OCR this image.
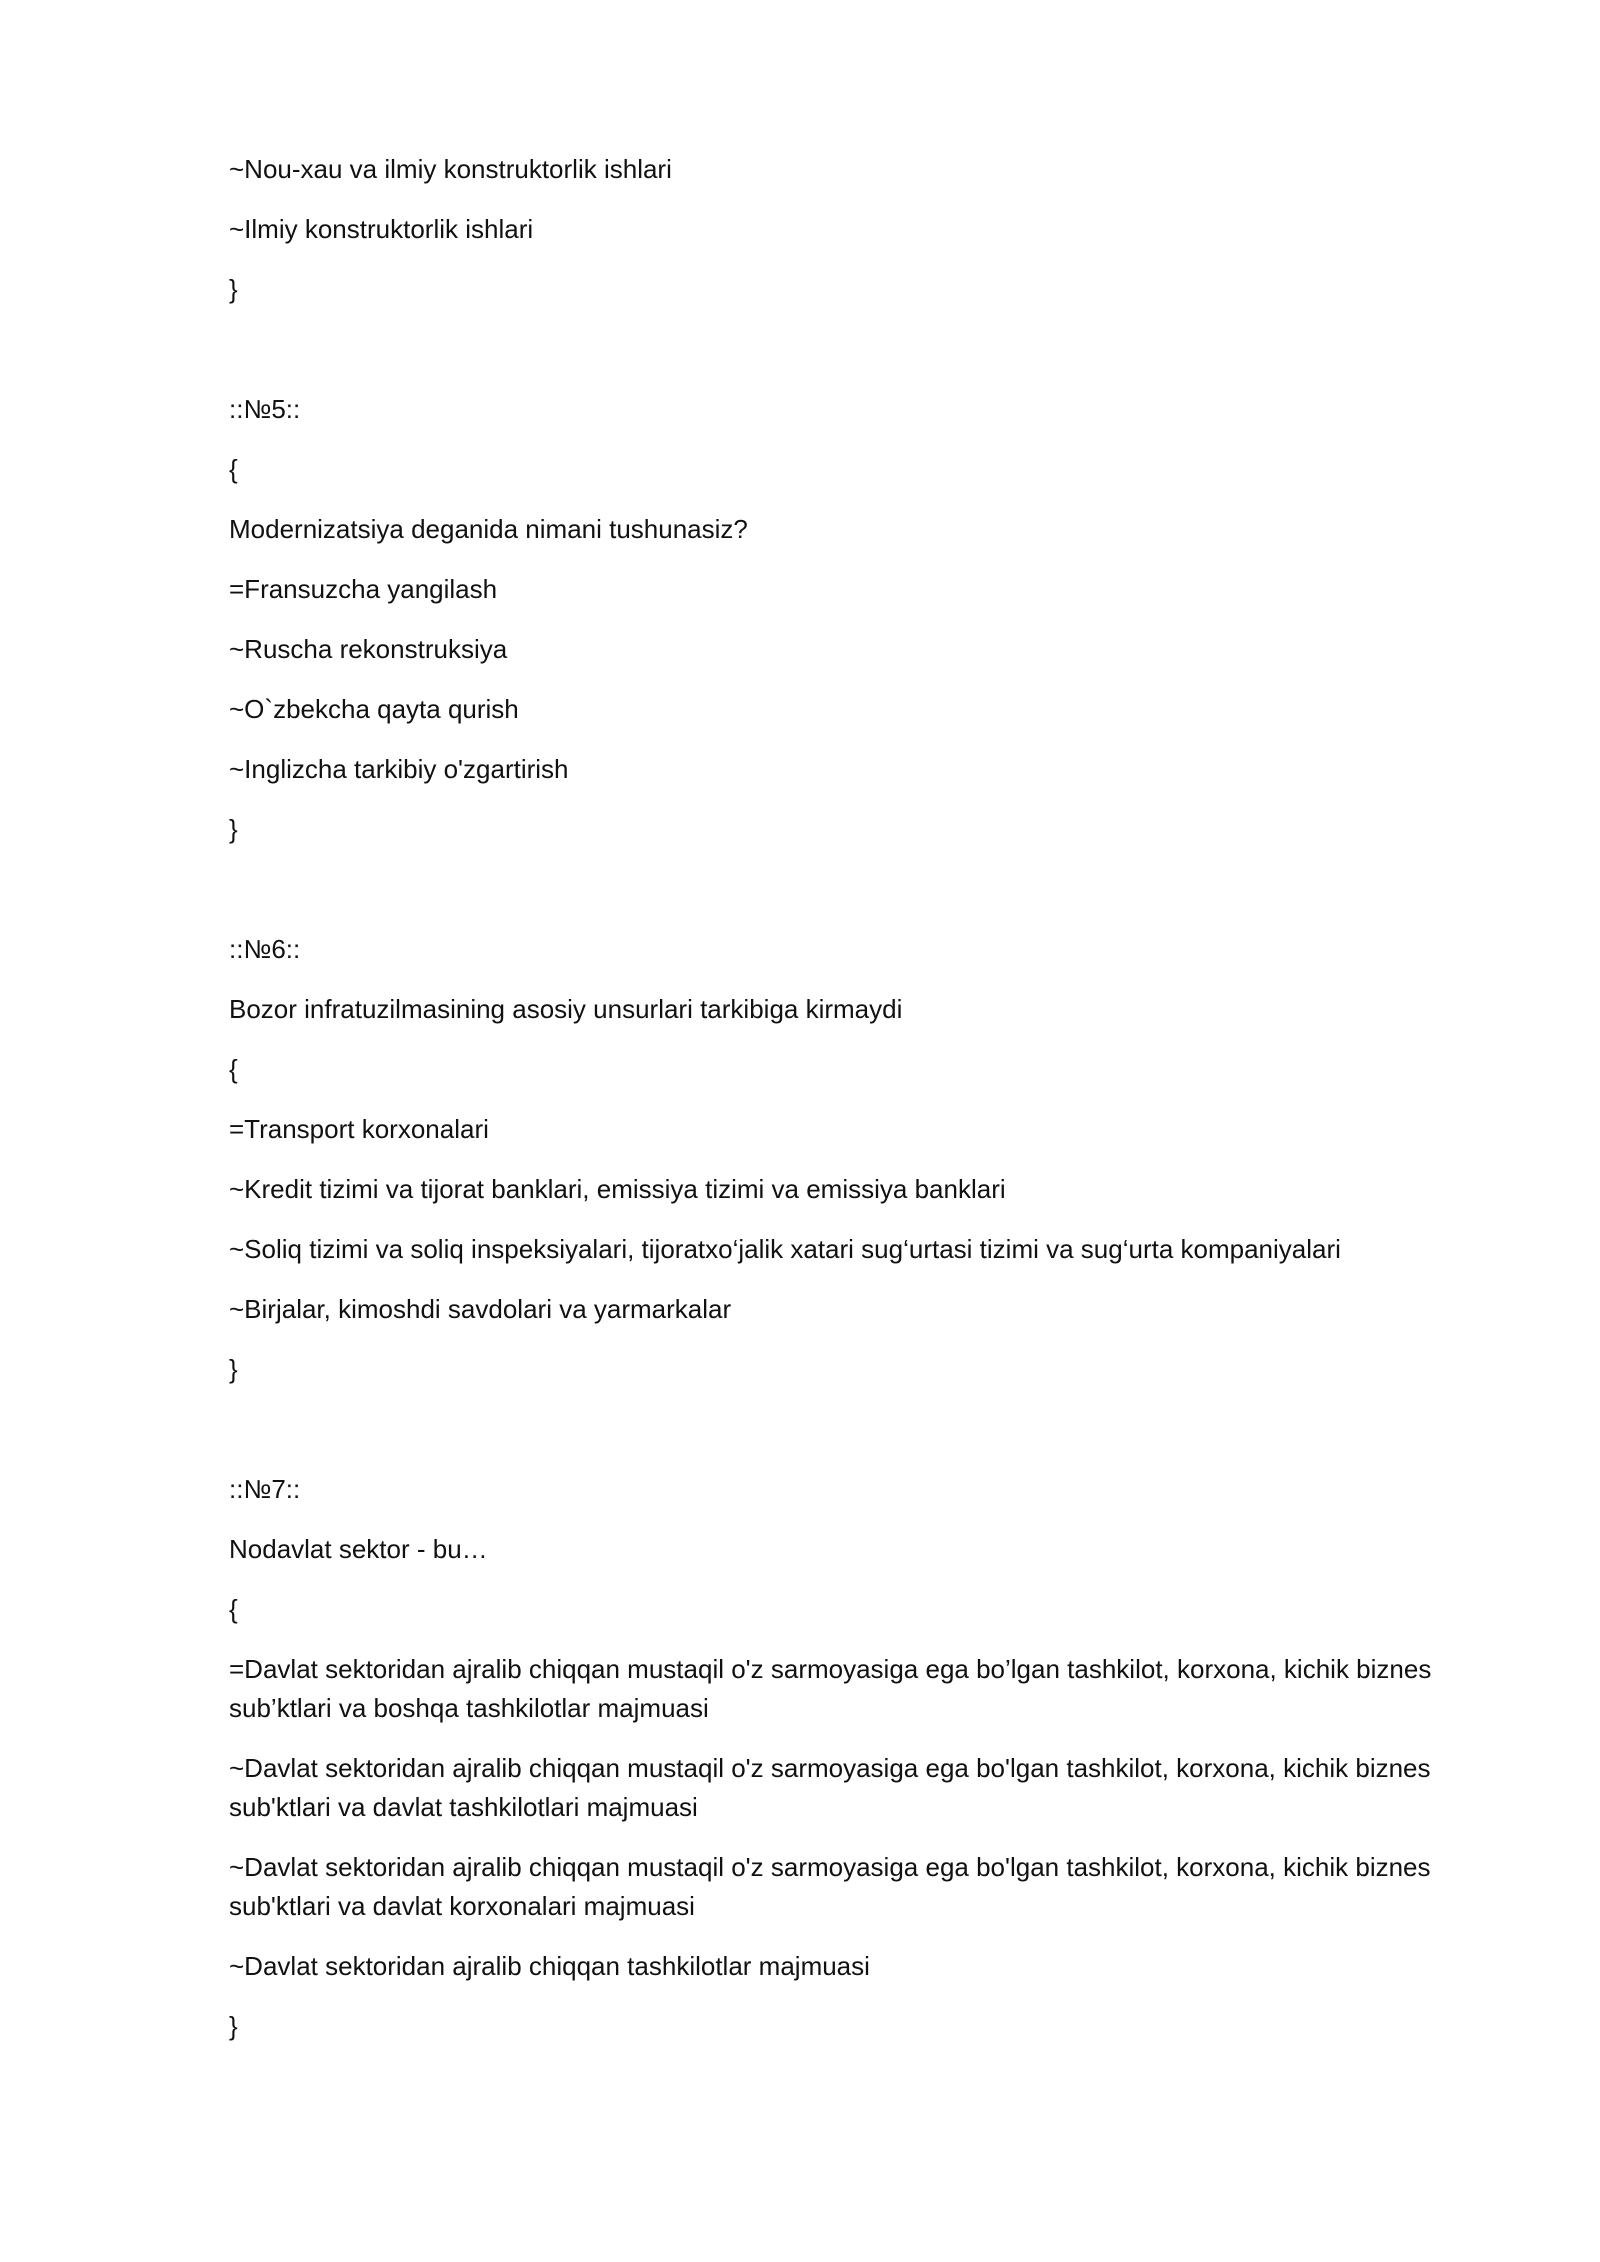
~Nou-xau va ilmiy konstruktorlik ishlari

~Ilmiy konstruktorlik ishlari

}

::№5::

{

Modernizatsiya deganida nimani tushunasiz?

=Fransuzcha yangilash

~Ruscha rekonstruksiya

~O`zbekcha qayta qurish

~Inglizcha tarkibiy o'zgartirish

}

::№6::

Bozor infratuzilmasining asosiy unsurlari tarkibiga kirmaydi

{

=Transport korxonalari

~Kredit tizimi va tijorat banklari, emissiya tizimi va emissiya banklari

~Soliq tizimi va soliq inspeksiyalari, tijoratxo‘jalik xatari sug‘urtasi tizimi va sug‘urta kompaniyalari

~Birjalar, kimoshdi savdolari va yarmarkalar

}

::№7::

Nodavlat sektor - bu…

{

=Davlat sektoridan ajralib chiqqan mustaqil o'z sarmoyasiga ega bo’lgan tashkilot, korxona, kichik biznes sub’ktlari va boshqa tashkilotlar majmuasi

~Davlat sektoridan ajralib chiqqan mustaqil o'z sarmoyasiga ega bo'lgan tashkilot, korxona, kichik biznes sub'ktlari va davlat tashkilotlari majmuasi

~Davlat sektoridan ajralib chiqqan mustaqil o'z sarmoyasiga ega bo'lgan tashkilot, korxona, kichik biznes sub'ktlari va davlat korxonalari majmuasi

~Davlat sektoridan ajralib chiqqan tashkilotlar majmuasi

}
